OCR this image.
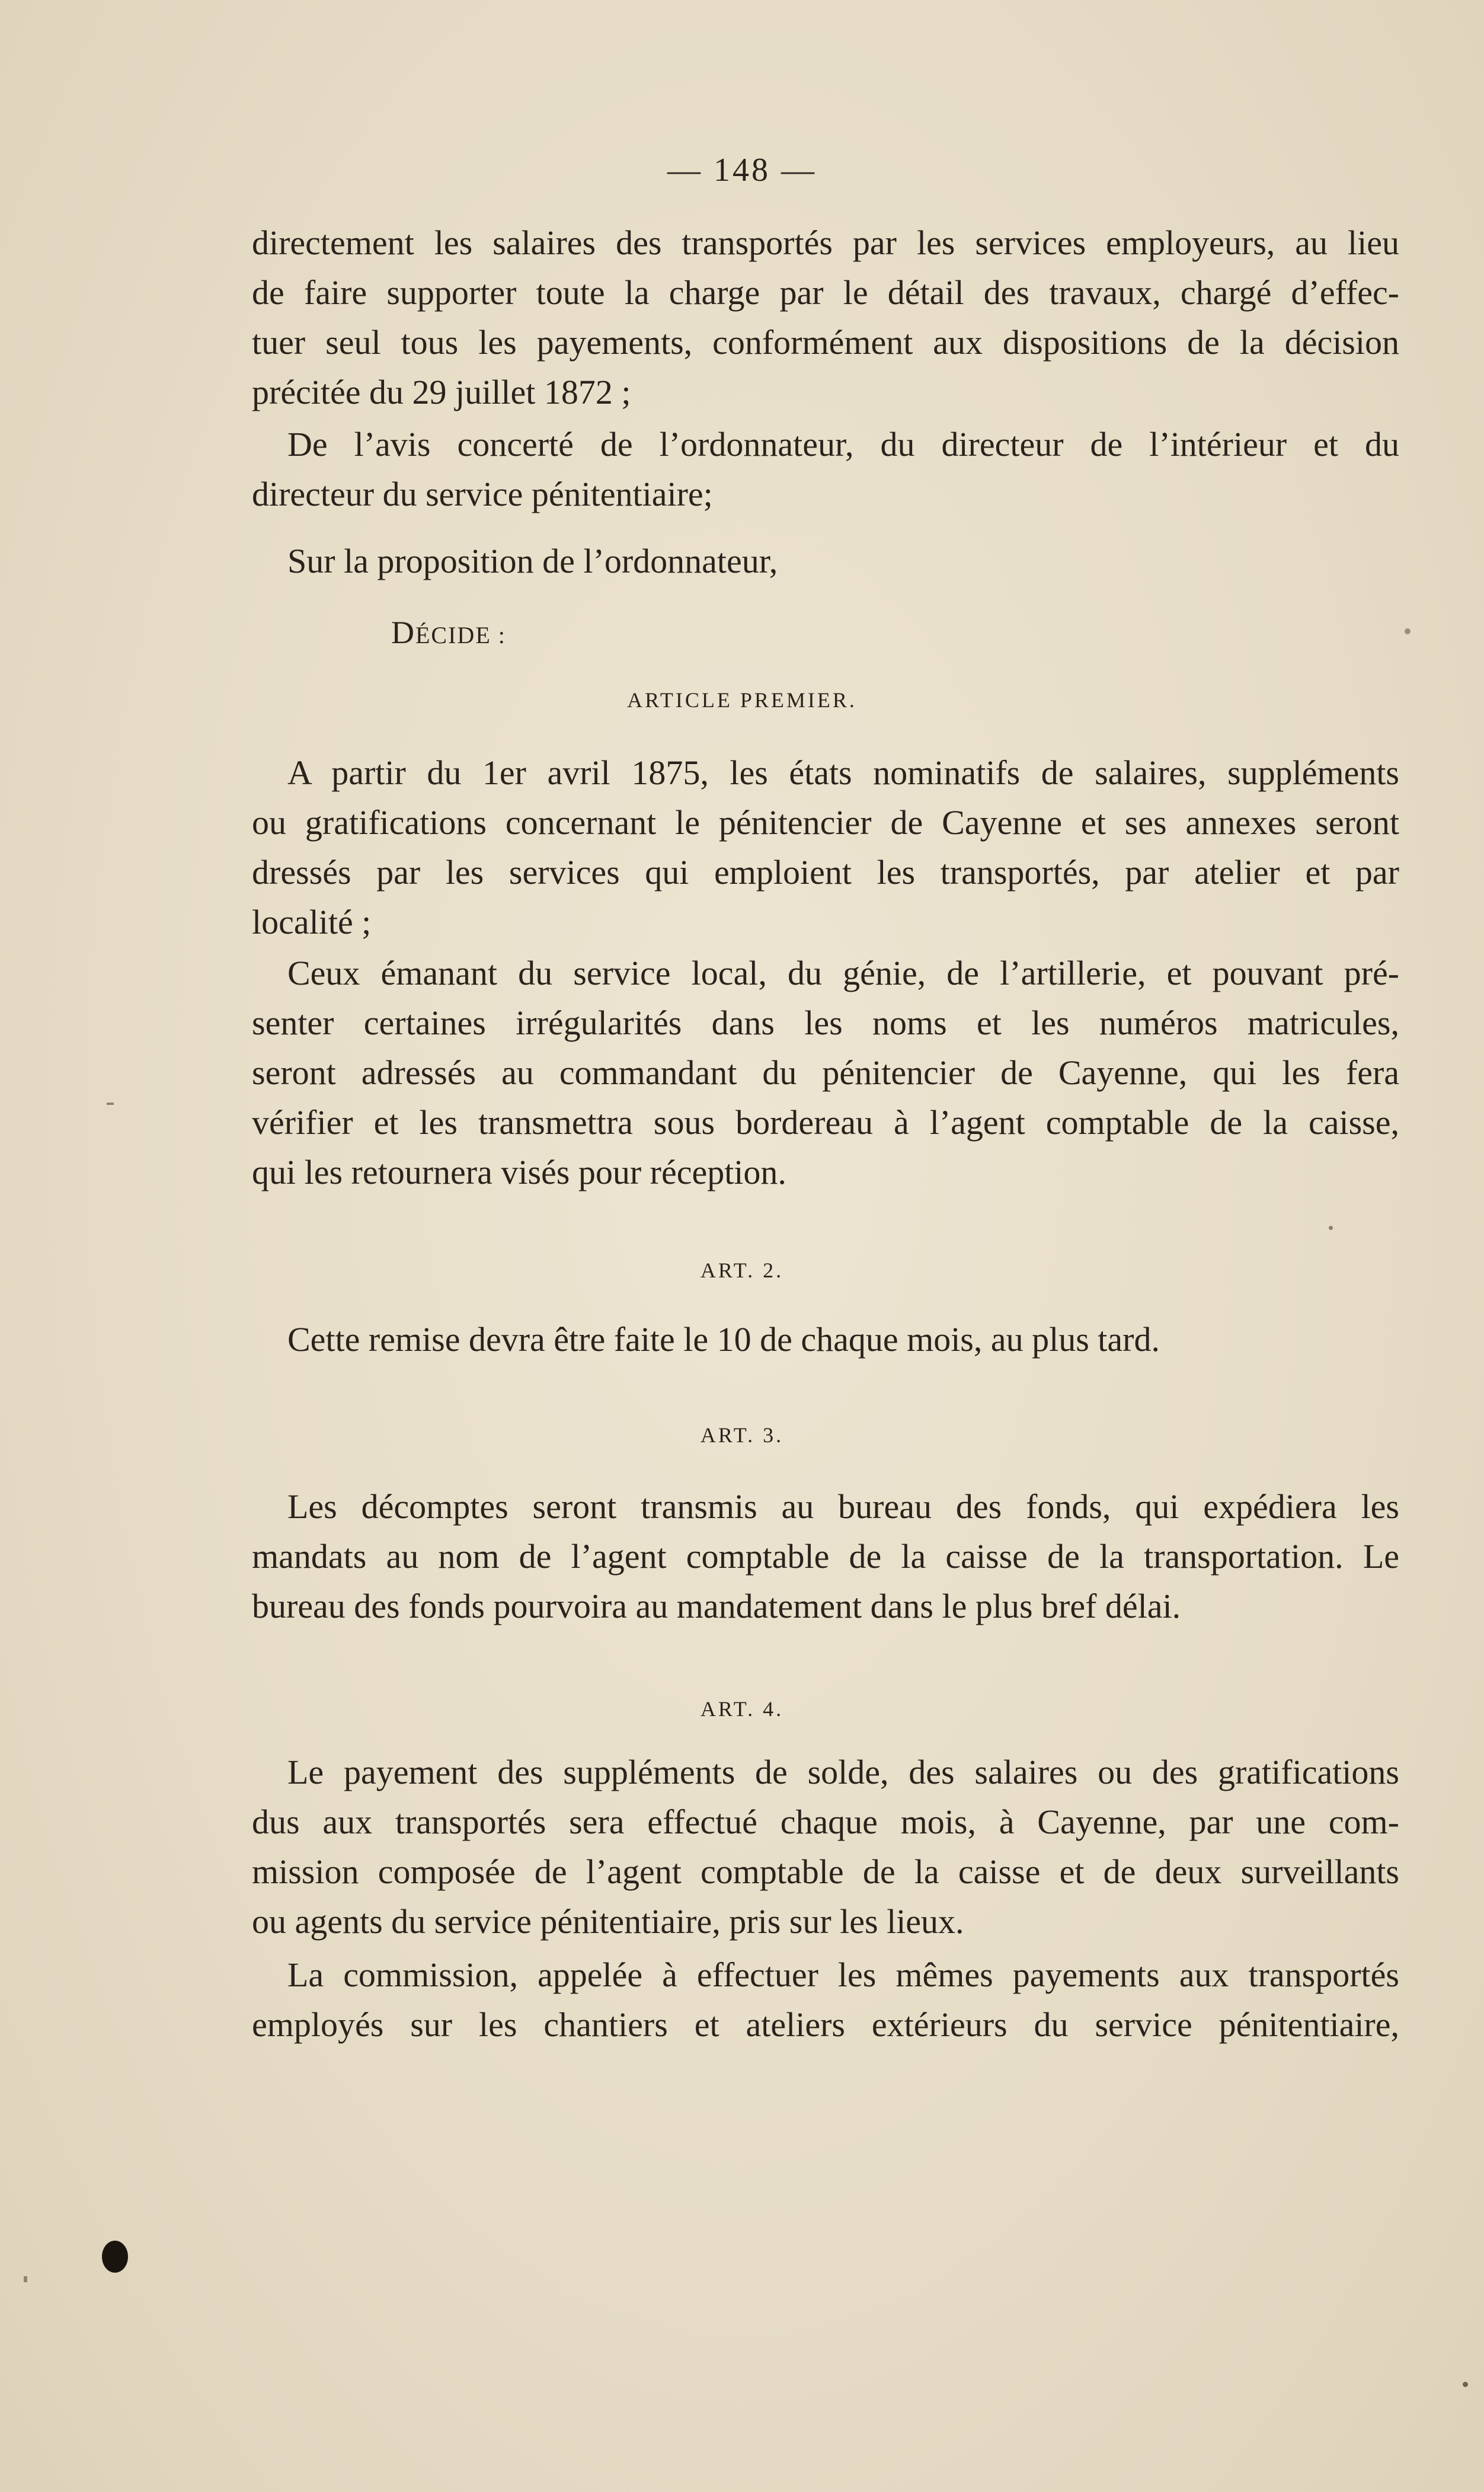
— 148 —
directement les salaires des transportés par les services employeurs, au lieu
de faire supporter toute la charge par le détail des travaux, chargé d’effec-
tuer seul tous les payements, conformément aux dispositions de la décision
précitée du 29 juillet 1872 ;
De l’avis concerté de l’ordonnateur, du directeur de l’intérieur et du
directeur du service pénitentiaire;
Sur la proposition de l’ordonnateur,
DÉCIDE :
ARTICLE PREMIER.
A partir du 1er avril 1875, les états nominatifs de salaires, suppléments
ou gratifications concernant le pénitencier de Cayenne et ses annexes seront
dressés par les services qui emploient les transportés, par atelier et par
localité ;
Ceux émanant du service local, du génie, de l’artillerie, et pouvant pré-
senter certaines irrégularités dans les noms et les numéros matricules,
seront adressés au commandant du pénitencier de Cayenne, qui les fera
vérifier et les transmettra sous bordereau à l’agent comptable de la caisse,
qui les retournera visés pour réception.
ART. 2.
Cette remise devra être faite le 10 de chaque mois, au plus tard.
ART. 3.
Les décomptes seront transmis au bureau des fonds, qui expédiera les
mandats au nom de l’agent comptable de la caisse de la transportation. Le
bureau des fonds pourvoira au mandatement dans le plus bref délai.
ART. 4.
Le payement des suppléments de solde, des salaires ou des gratifications
dus aux transportés sera effectué chaque mois, à Cayenne, par une com-
mission composée de l’agent comptable de la caisse et de deux surveillants
ou agents du service pénitentiaire, pris sur les lieux.
La commission, appelée à effectuer les mêmes payements aux transportés
employés sur les chantiers et ateliers extérieurs du service pénitentiaire,
